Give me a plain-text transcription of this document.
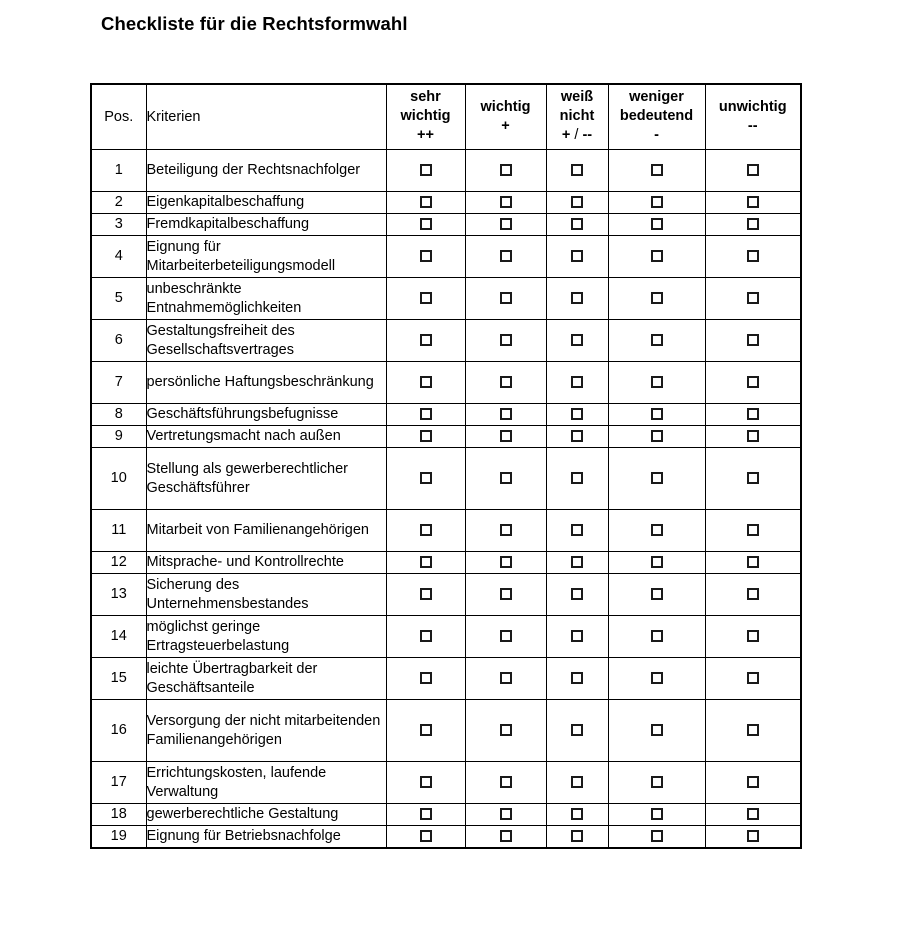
Checkliste für die Rechtsformwahl
Pos.	Kriterien	
sehr
wichtig
++

wichtig
+

weiß
nicht
+ / --

weniger
bedeutend
-

unwichtig
--

1	Beteiligung der Rechtsnachfolger					
2	Eigenkapitalbeschaffung					
3	Fremdkapitalbeschaffung					
4	Eignung für Mitarbeiterbeteiligungsmodell					
5	unbeschränkte Entnahmemöglichkeiten					
6	Gestaltungsfreiheit des Gesellschaftsvertrages					
7	persönliche Haftungsbeschränkung					
8	Geschäftsführungsbefugnisse					
9	Vertretungsmacht nach außen					
10	Stellung als gewerberechtlicher Geschäftsführer					
11	Mitarbeit von Familienangehörigen					
12	Mitsprache- und Kontrollrechte					
13	Sicherung des Unternehmensbestandes					
14	möglichst geringe Ertragsteuerbelastung					
15	leichte Übertragbarkeit der Geschäftsanteile					
16	Versorgung der nicht mitarbeitenden Familienangehörigen					
17	Errichtungskosten, laufende Verwaltung					
18	gewerberechtliche Gestaltung					
19	Eignung für Betriebsnachfolge					
